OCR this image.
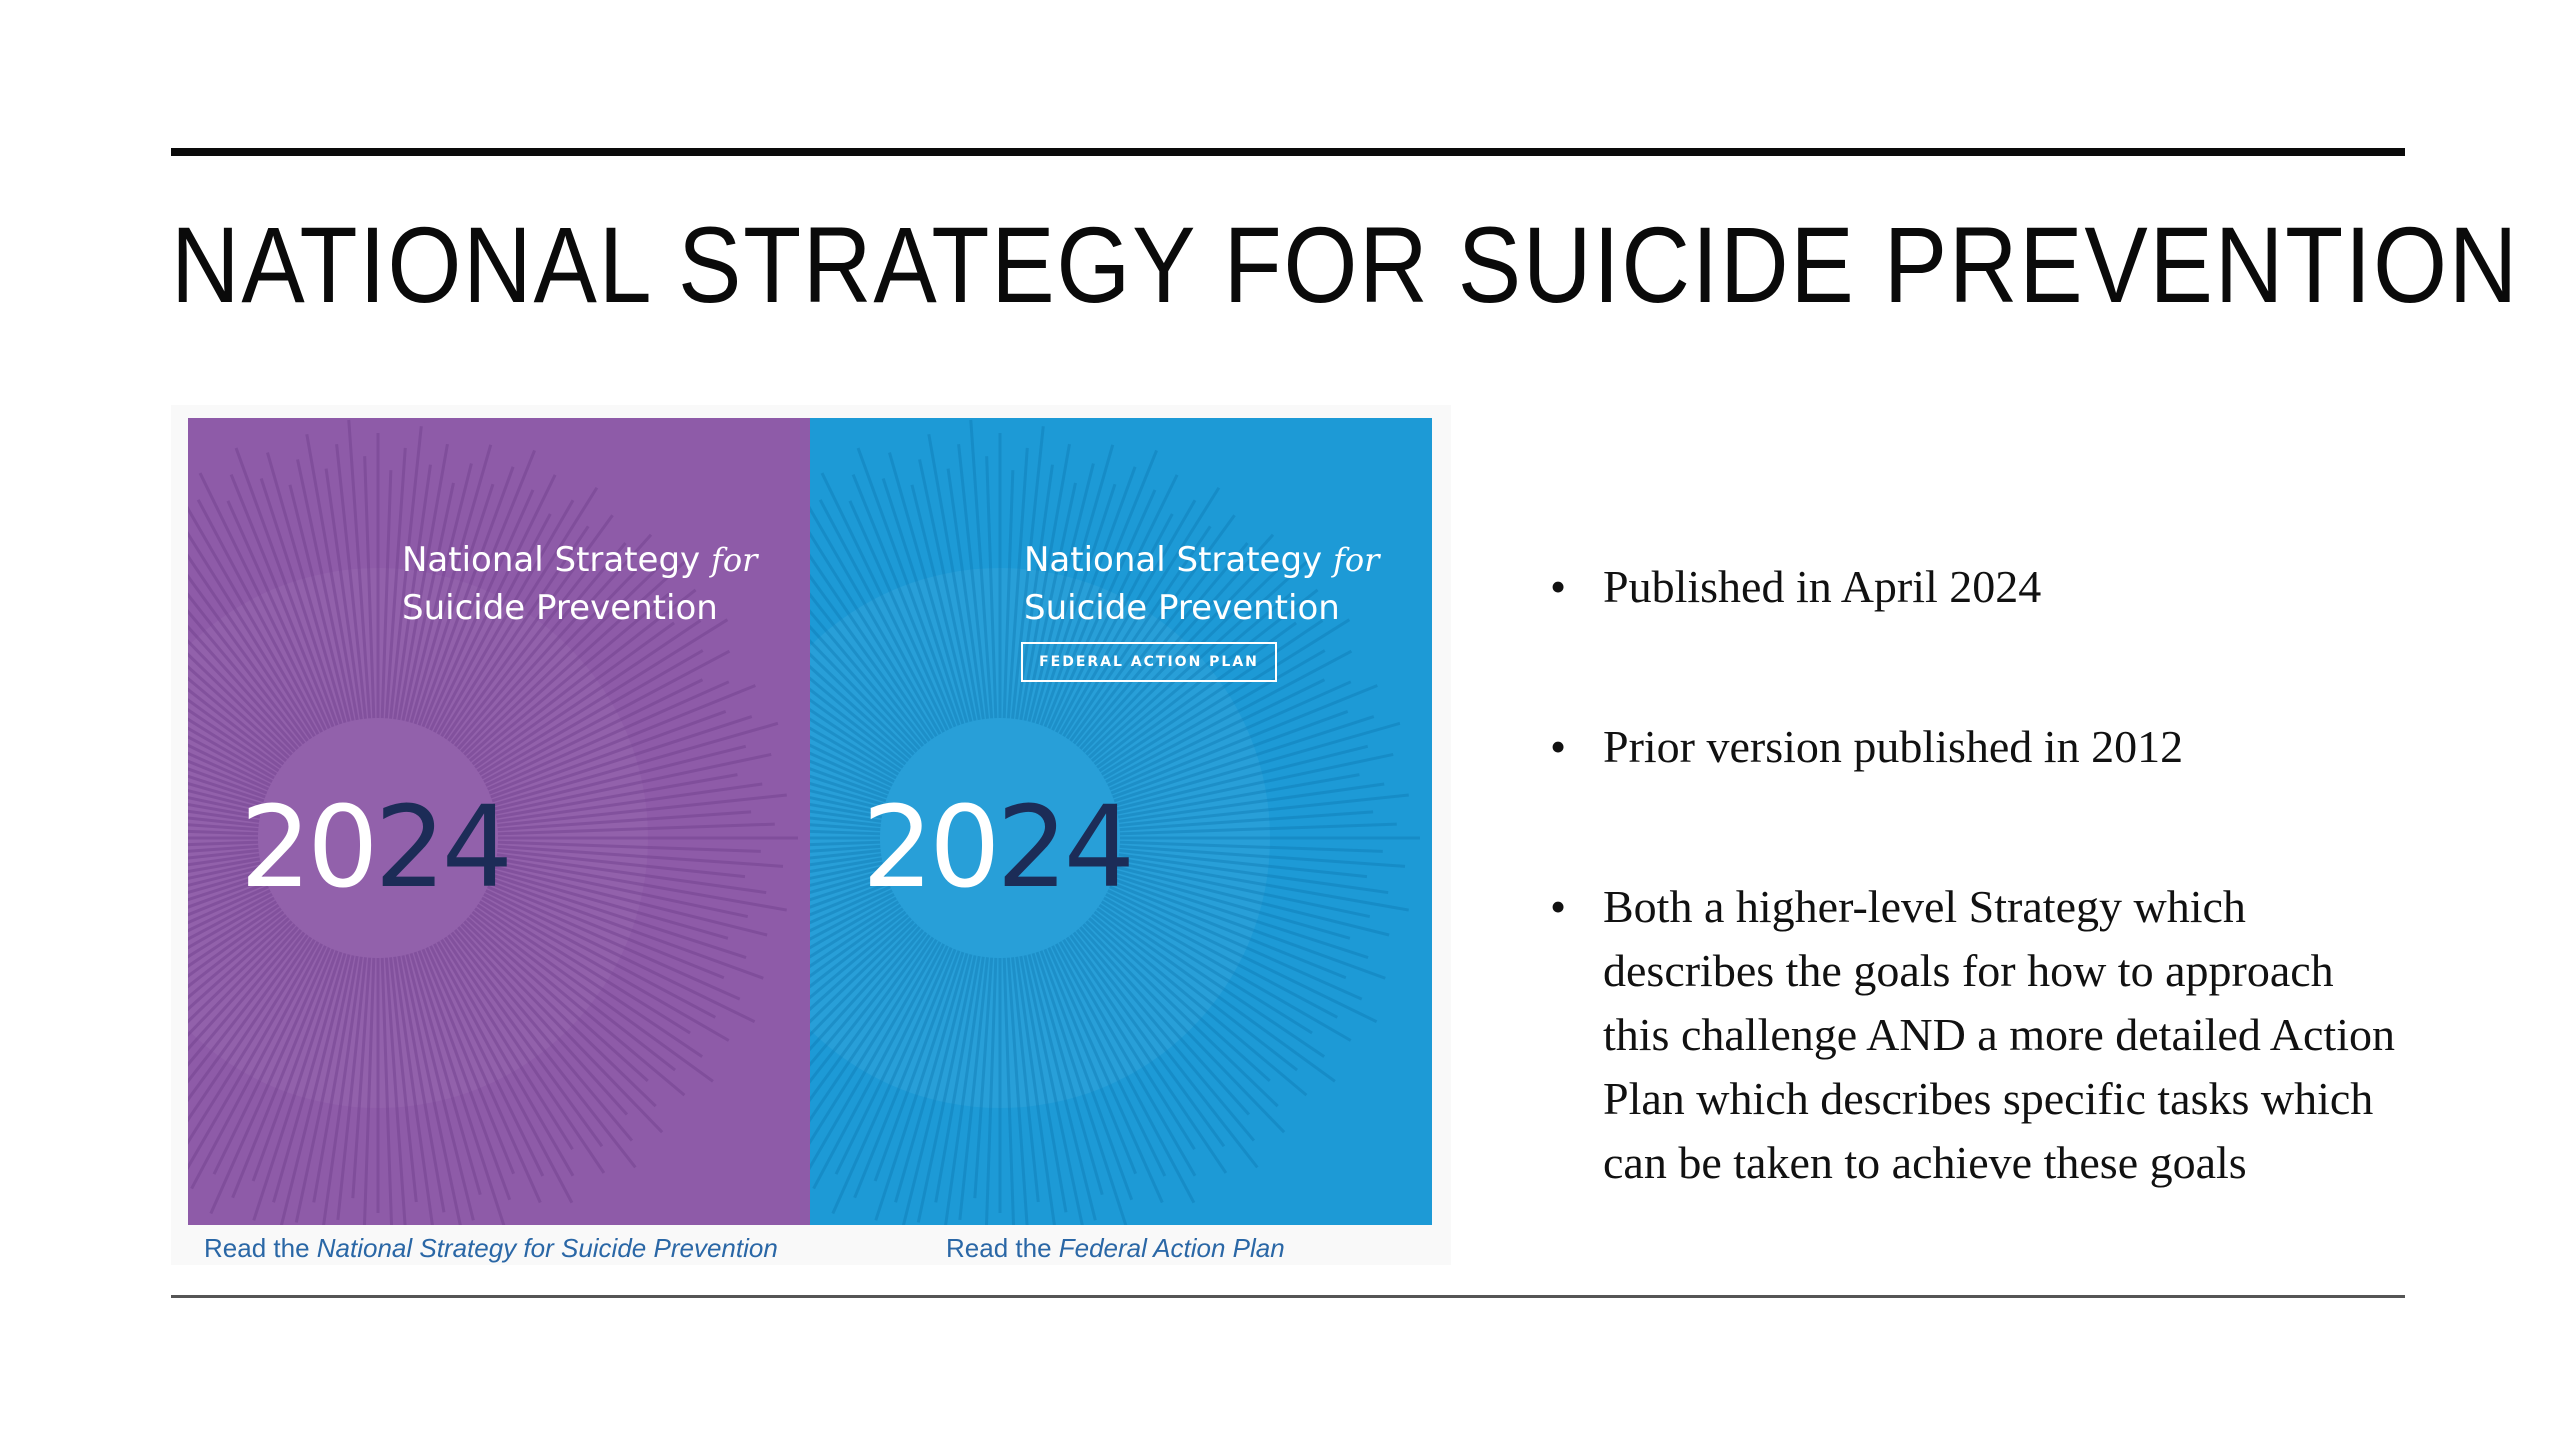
NATIONAL STRATEGY FOR SUICIDE PREVENTION
National Strategy for
Suicide Prevention
2024
National Strategy for
Suicide Prevention
FEDERAL ACTION PLAN
2024
Read the National Strategy for Suicide Prevention	Read the Federal Action Plan
• Published in April 2024
• Prior version published in 2012
• Both a higher-level Strategy which describes the goals for how to approach this challenge AND a more detailed Action Plan which describes specific tasks which can be taken to achieve these goals
